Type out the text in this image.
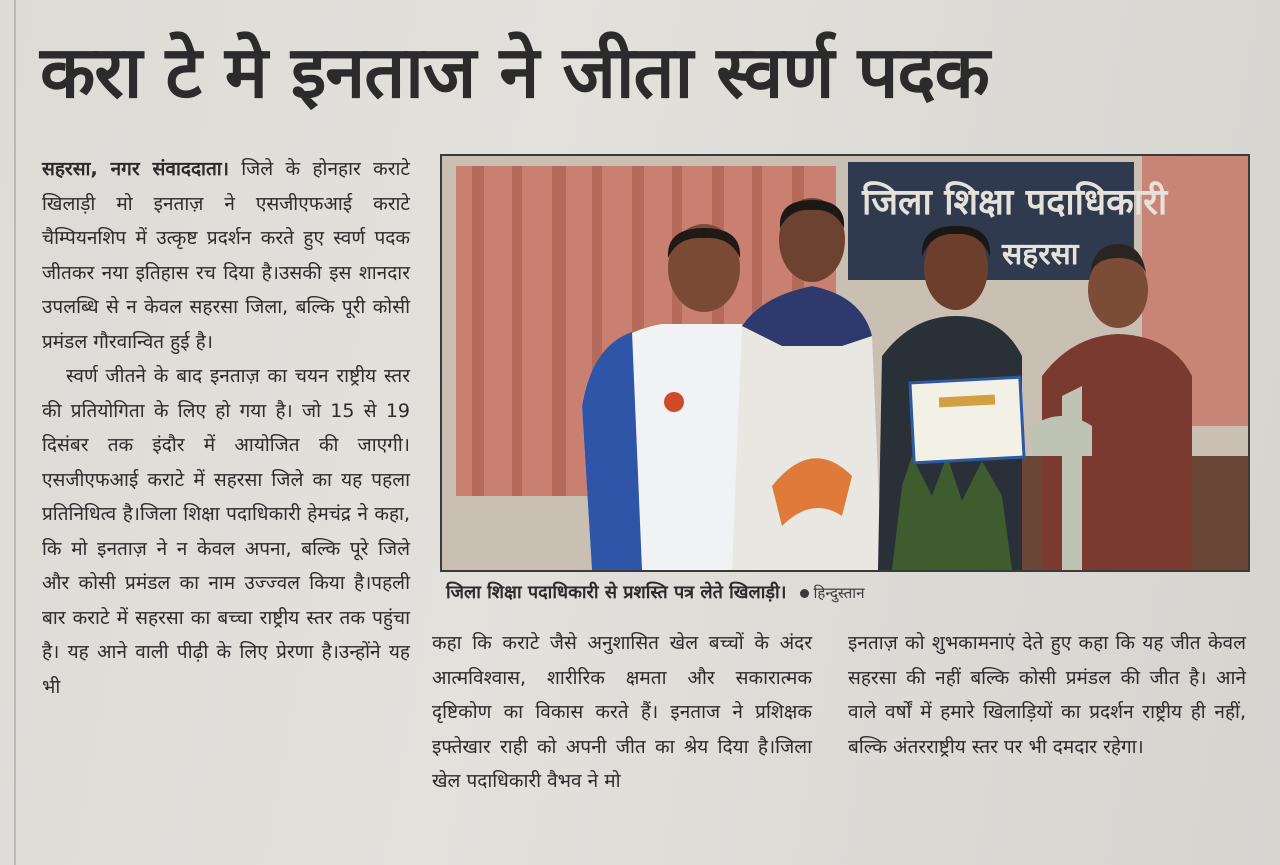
करा टे मे इनताज ने जीता स्वर्ण पदक

सहरसा, नगर संवाददाता। जिले के होनहार कराटे खिलाड़ी मो इनताज़ ने एसजीएफआई कराटे चैम्पियनशिप में उत्कृष्ट प्रदर्शन करते हुए स्वर्ण पदक जीतकर नया इतिहास रच दिया है।उसकी इस शानदार उपलब्धि से न केवल सहरसा जिला, बल्कि पूरी कोसी प्रमंडल गौरवान्वित हुई है।

स्वर्ण जीतने के बाद इनताज़ का चयन राष्ट्रीय स्तर की प्रतियोगिता के लिए हो गया है। जो 15 से 19 दिसंबर तक इंदौर में आयोजित की जाएगी।एसजीएफआई कराटे में सहरसा जिले का यह पहला प्रतिनिधित्व है।जिला शिक्षा पदाधिकारी हेमचंद्र ने कहा, कि मो इनताज़ ने न केवल अपना, बल्कि पूरे जिले और कोसी प्रमंडल का नाम उज्ज्वल किया है।पहली बार कराटे में सहरसा का बच्चा राष्ट्रीय स्तर तक पहुंचा है। यह आने वाली पीढ़ी के लिए प्रेरणा है।उन्होंने यह भी

जिला शिक्षा पदाधिकारी
सहरसा
जिला शिक्षा पदाधिकारी से प्रशस्ति पत्र लेते खिलाड़ी। हिन्दुस्तान

कहा कि कराटे जैसे अनुशासित खेल बच्चों के अंदर आत्मविश्वास, शारीरिक क्षमता और सकारात्मक दृष्टिकोण का विकास करते हैं। इनताज ने प्रशिक्षक इफ्तेखार राही को अपनी जीत का श्रेय दिया है।जिला खेल पदाधिकारी वैभव ने मो

इनताज़ को शुभकामनाएं देते हुए कहा कि यह जीत केवल सहरसा की नहीं बल्कि कोसी प्रमंडल की जीत है। आने वाले वर्षों में हमारे खिलाड़ियों का प्रदर्शन राष्ट्रीय ही नहीं, बल्कि अंतरराष्ट्रीय स्तर पर भी दमदार रहेगा।
